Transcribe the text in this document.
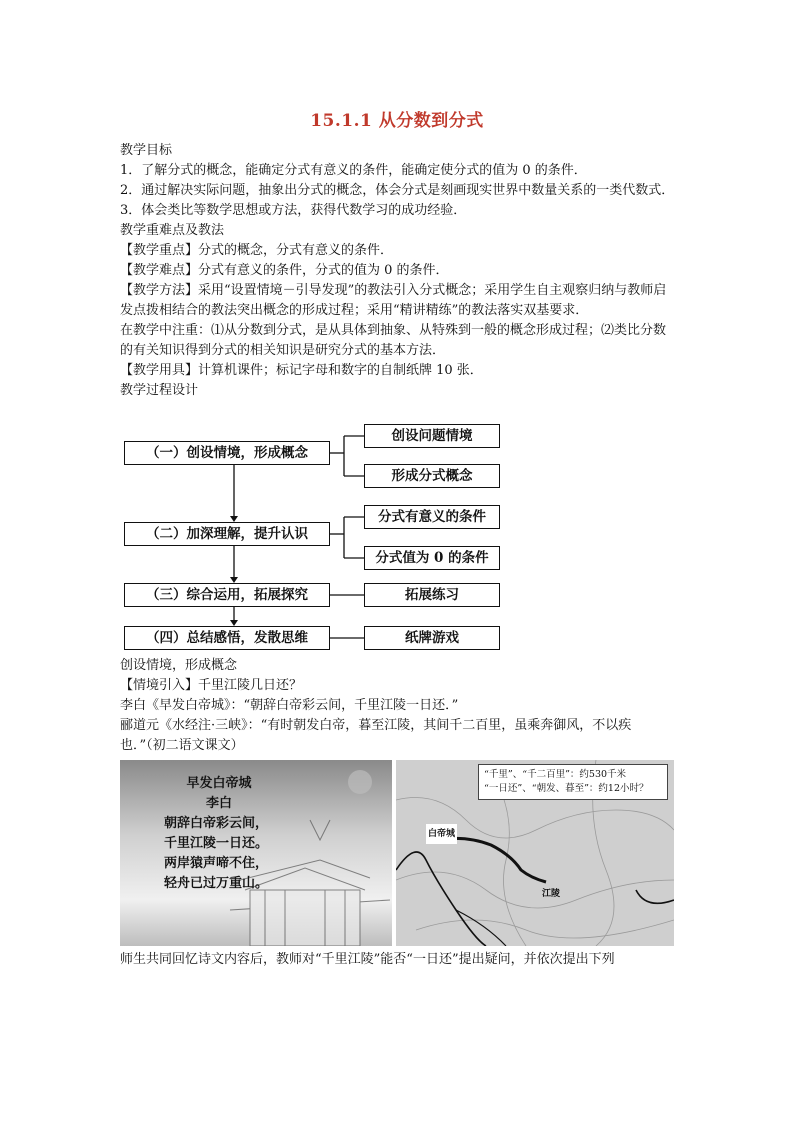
15.1.1 从分数到分式

教学目标

1．了解分式的概念，能确定分式有意义的条件，能确定使分式的值为 0 的条件．

2．通过解决实际问题，抽象出分式的概念，体会分式是刻画现实世界中数量关系的一类代数式．

3．体会类比等数学思想或方法，获得代数学习的成功经验．

教学重难点及教法

【教学重点】分式的概念，分式有意义的条件．

【教学难点】分式有意义的条件，分式的值为 0 的条件．

【教学方法】采用“设置情境－引导发现”的教法引入分式概念；采用学生自主观察归纳与教师启发点拨相结合的教法突出概念的形成过程；采用“精讲精练”的教法落实双基要求．

在教学中注重：⑴从分数到分式，是从具体到抽象、从特殊到一般的概念形成过程；⑵类比分数的有关知识得到分式的相关知识是研究分式的基本方法．

【教学用具】计算机课件；标记字母和数字的自制纸牌 10 张．

教学过程设计

（一）创设情境，形成概念
（二）加深理解，提升认识
（三）综合运用，拓展探究
（四）总结感悟，发散思维
创设问题情境
形成分式概念
分式有意义的条件
分式值为 0 的条件
拓展练习
纸牌游戏

创设情境，形成概念

【情境引入】千里江陵几日还？

李白《早发白帝城》：“朝辞白帝彩云间，千里江陵一日还．”

郦道元《水经注·三峡》：“有时朝发白帝，暮至江陵，其间千二百里，虽乘奔御风，不以疾也．”（初二语文课文）

早发白帝城
李白
朝辞白帝彩云间，
千里江陵一日还。
两岸猿声啼不住，
轻舟已过万重山。
“千里”、“千二百里”：约530千米
“一日还”、“朝发、暮至”：约12小时？
白帝城
江陵

师生共同回忆诗文内容后，教师对“千里江陵”能否“一日还”提出疑问，并依次提出下列
